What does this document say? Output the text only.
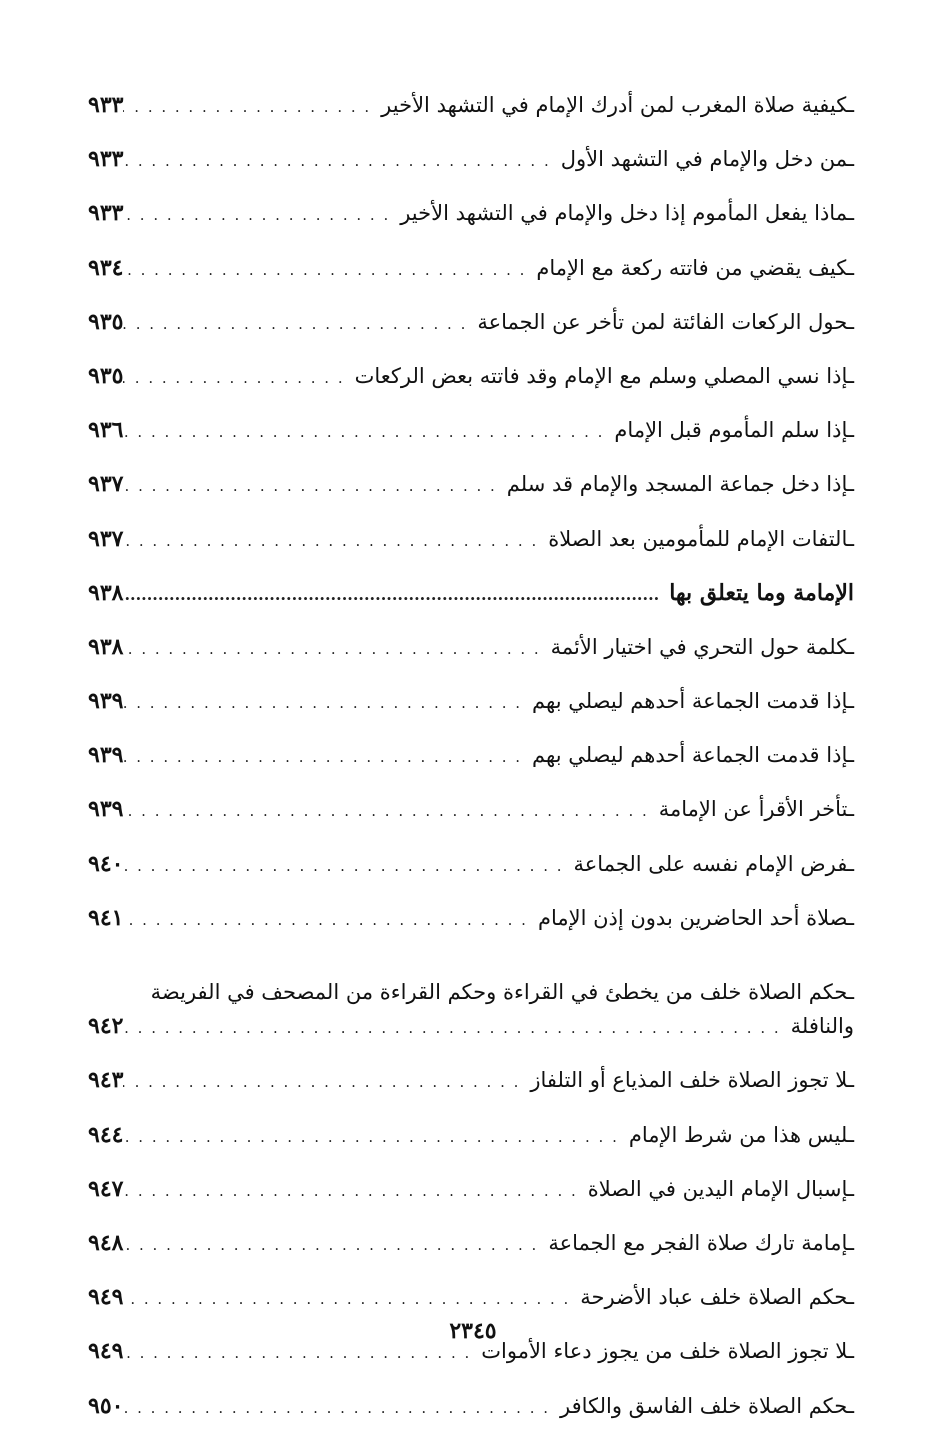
ـكيفية صلاة المغرب لمن أدرك الإمام في التشهد الأخير
. . .
٩٣٣
ـمن دخل والإمام في التشهد الأول
. . .
٩٣٣
ـماذا يفعل المأموم إذا دخل والإمام في التشهد الأخير
. . .
٩٣٣
ـكيف يقضي من فاتته ركعة مع الإمام
. . .
٩٣٤
ـحول الركعات الفائتة لمن تأخر عن الجماعة
. . .
٩٣٥
ـإذا نسي المصلي وسلم مع الإمام وقد فاتته بعض الركعات
. . .
٩٣٥
ـإذا سلم المأموم قبل الإمام
. . .
٩٣٦
ـإذا دخل جماعة المسجد والإمام قد سلم
. . .
٩٣٧
ـالتفات الإمام للمأمومين بعد الصلاة
. . .
٩٣٧
الإمامة وما يتعلق بها
.....
٩٣٨
ـكلمة حول التحري في اختيار الأئمة
. . .
٩٣٨
ـإذا قدمت الجماعة أحدهم ليصلي بهم
. . .
٩٣٩
ـإذا قدمت الجماعة أحدهم ليصلي بهم
. . .
٩٣٩
ـتأخر الأقرأ عن الإمامة
. . .
٩٣٩
ـفرض الإمام نفسه على الجماعة
. . .
٩٤٠
ـصلاة أحد الحاضرين بدون إذن الإمام
. . .
٩٤١
ـحكم الصلاة خلف من يخطئ في القراءة وحكم القراءة من المصحف في الفريضة
والنافلة
. . .
٩٤٢
ـلا تجوز الصلاة خلف المذياع أو التلفاز
. . .
٩٤٣
ـليس هذا من شرط الإمام
. . .
٩٤٤
ـإسبال الإمام اليدين في الصلاة
. . .
٩٤٧
ـإمامة تارك صلاة الفجر مع الجماعة
. . .
٩٤٨
ـحكم الصلاة خلف عباد الأضرحة
. . .
٩٤٩
ـلا تجوز الصلاة خلف من يجوز دعاء الأموات
. . .
٩٤٩
ـحكم الصلاة خلف الفاسق والكافر
. . .
٩٥٠
٢٣٤٥
